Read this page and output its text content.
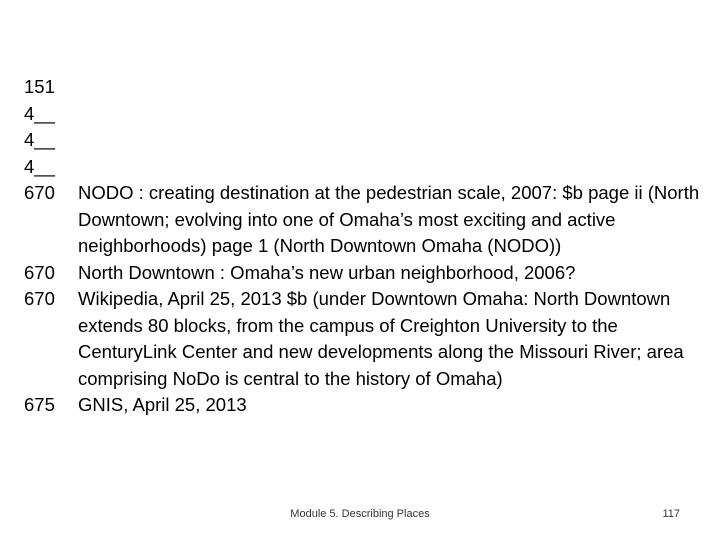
151
4__
4__
4__
670	NODO : creating destination at the pedestrian scale, 2007: $b page ii (North Downtown; evolving into one of Omaha’s most exciting and active neighborhoods) page 1 (North Downtown Omaha (NODO))
670	North Downtown : Omaha’s new urban neighborhood, 2006?
670	Wikipedia, April 25, 2013 $b (under Downtown Omaha: North Downtown extends 80 blocks, from the campus of Creighton University to the CenturyLink Center and new developments along the Missouri River; area comprising NoDo is central to the history of Omaha)
675	GNIS, April 25, 2013
Module 5. Describing Places	117
